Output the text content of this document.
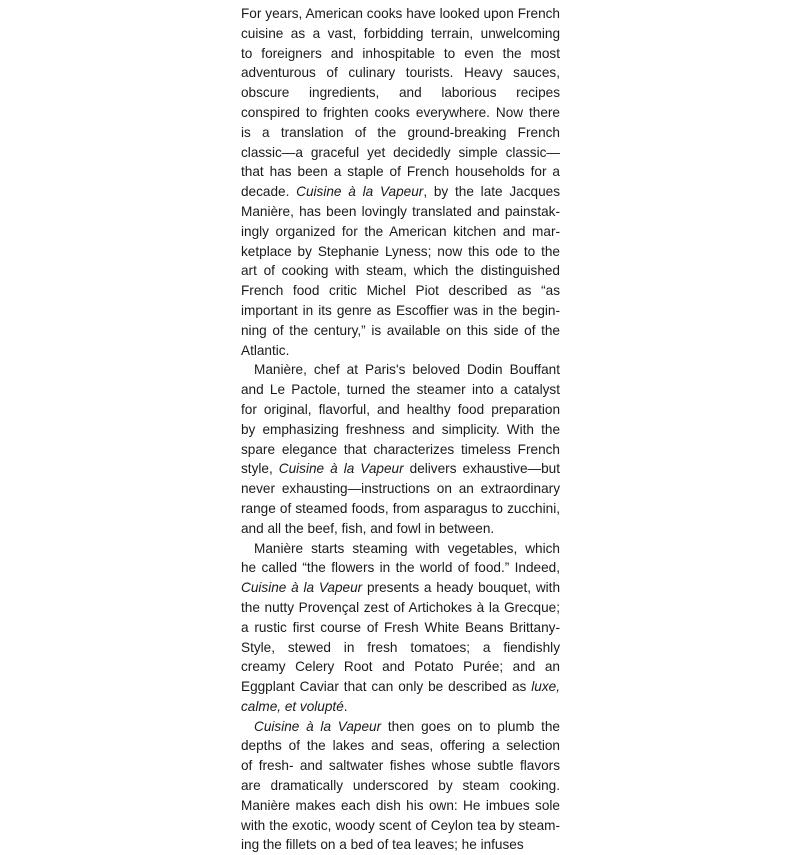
For years, American cooks have looked upon French
cuisine as a vast, forbidding terrain, unwelcoming
to foreigners and inhospitable to even the most
adventurous of culinary tourists. Heavy sauces,
obscure ingredients, and laborious recipes
conspired to frighten cooks everywhere. Now there
is a translation of the ground-breaking French
classic—a graceful yet decidedly simple classic—
that has been a staple of French households for a
decade. Cuisine à la Vapeur, by the late Jacques
Manière, has been lovingly translated and painstak-
ingly organized for the American kitchen and mar-
ketplace by Stephanie Lyness; now this ode to the
art of cooking with steam, which the distinguished
French food critic Michel Piot described as “as
important in its genre as Escoffier was in the begin-
ning of the century,” is available on this side of the
Atlantic.
Manière, chef at Paris's beloved Dodin Bouffant
and Le Pactole, turned the steamer into a catalyst
for original, flavorful, and healthy food preparation
by emphasizing freshness and simplicity. With the
spare elegance that characterizes timeless French
style, Cuisine à la Vapeur delivers exhaustive—but
never exhausting—instructions on an extraordinary
range of steamed foods, from asparagus to zucchini,
and all the beef, fish, and fowl in between.
Manière starts steaming with vegetables, which
he called “the flowers in the world of food.” Indeed,
Cuisine à la Vapeur presents a heady bouquet, with
the nutty Provençal zest of Artichokes à la Grecque;
a rustic first course of Fresh White Beans Brittany-
Style, stewed in fresh tomatoes; a fiendishly
creamy Celery Root and Potato Purée; and an
Eggplant Caviar that can only be described as luxe,
calme, et volupté.
Cuisine à la Vapeur then goes on to plumb the
depths of the lakes and seas, offering a selection
of fresh- and saltwater fishes whose subtle flavors
are dramatically underscored by steam cooking.
Manière makes each dish his own: He imbues sole
with the exotic, woody scent of Ceylon tea by steam-
ing the fillets on a bed of tea leaves; he infuses
